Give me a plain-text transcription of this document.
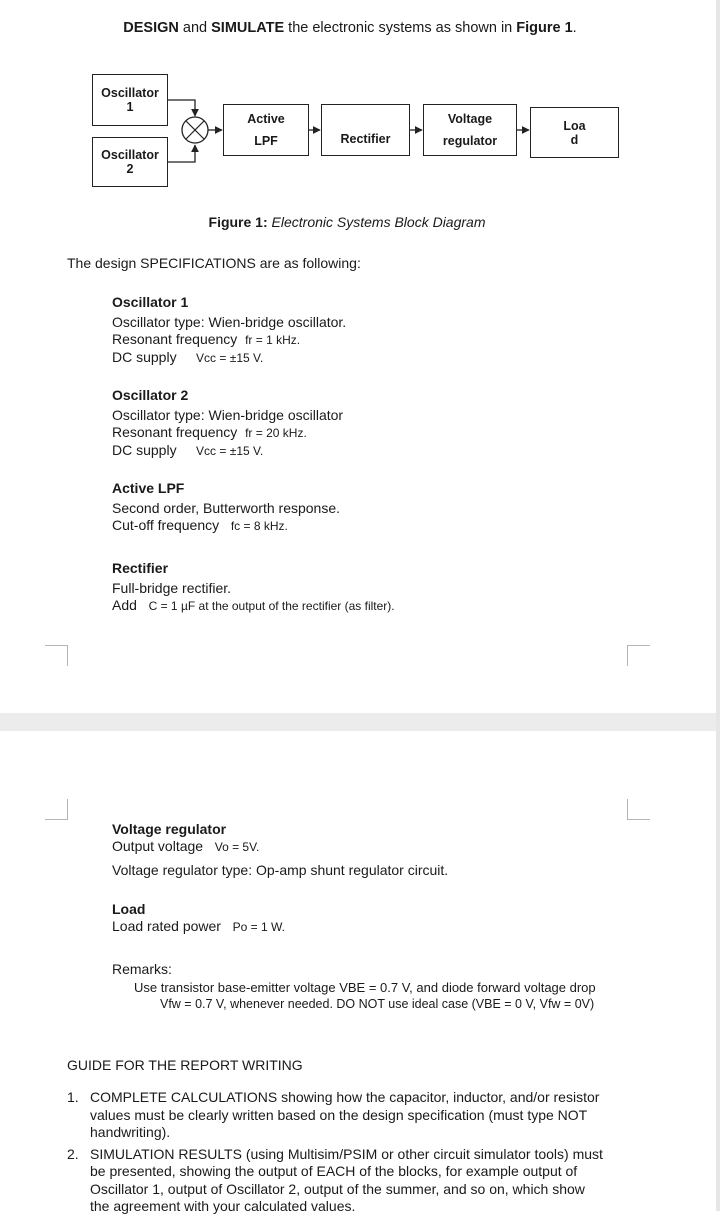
DESIGN and SIMULATE the electronic systems as shown in Figure 1.
Oscillator
1
Oscillator
2
Active
LPF	Rectifier
Voltage
regulator
Loa
d
Figure 1: Electronic Systems Block Diagram
The design SPECIFICATIONS are as following:
Oscillator 1
Oscillator type: Wien-bridge oscillator.
Resonant frequency fr = 1 kHz.
DC supply Vcc = ±15 V.
Oscillator 2
Oscillator type: Wien-bridge oscillator
Resonant frequency fr = 20 kHz.
DC supply Vcc = ±15 V.
Active LPF
Second order, Butterworth response.
Cut-off frequency fc = 8 kHz.
Rectifier
Full-bridge rectifier.
Add C = 1 µF at the output of the rectifier (as filter).
Voltage regulator
Output voltage Vo = 5V.
Voltage regulator type: Op-amp shunt regulator circuit.
Load
Load rated power Po = 1 W.
Remarks:
Use transistor base-emitter voltage VBE = 0.7 V, and diode forward voltage drop
Vfw = 0.7 V, whenever needed. DO NOT use ideal case (VBE = 0 V, Vfw = 0V)
GUIDE FOR THE REPORT WRITING
1. COMPLETE CALCULATIONS showing how the capacitor, inductor, and/or resistor
values must be clearly written based on the design specification (must type NOT
handwriting).
2. SIMULATION RESULTS (using Multisim/PSIM or other circuit simulator tools) must
be presented, showing the output of EACH of the blocks, for example output of
Oscillator 1, output of Oscillator 2, output of the summer, and so on, which show
the agreement with your calculated values.
